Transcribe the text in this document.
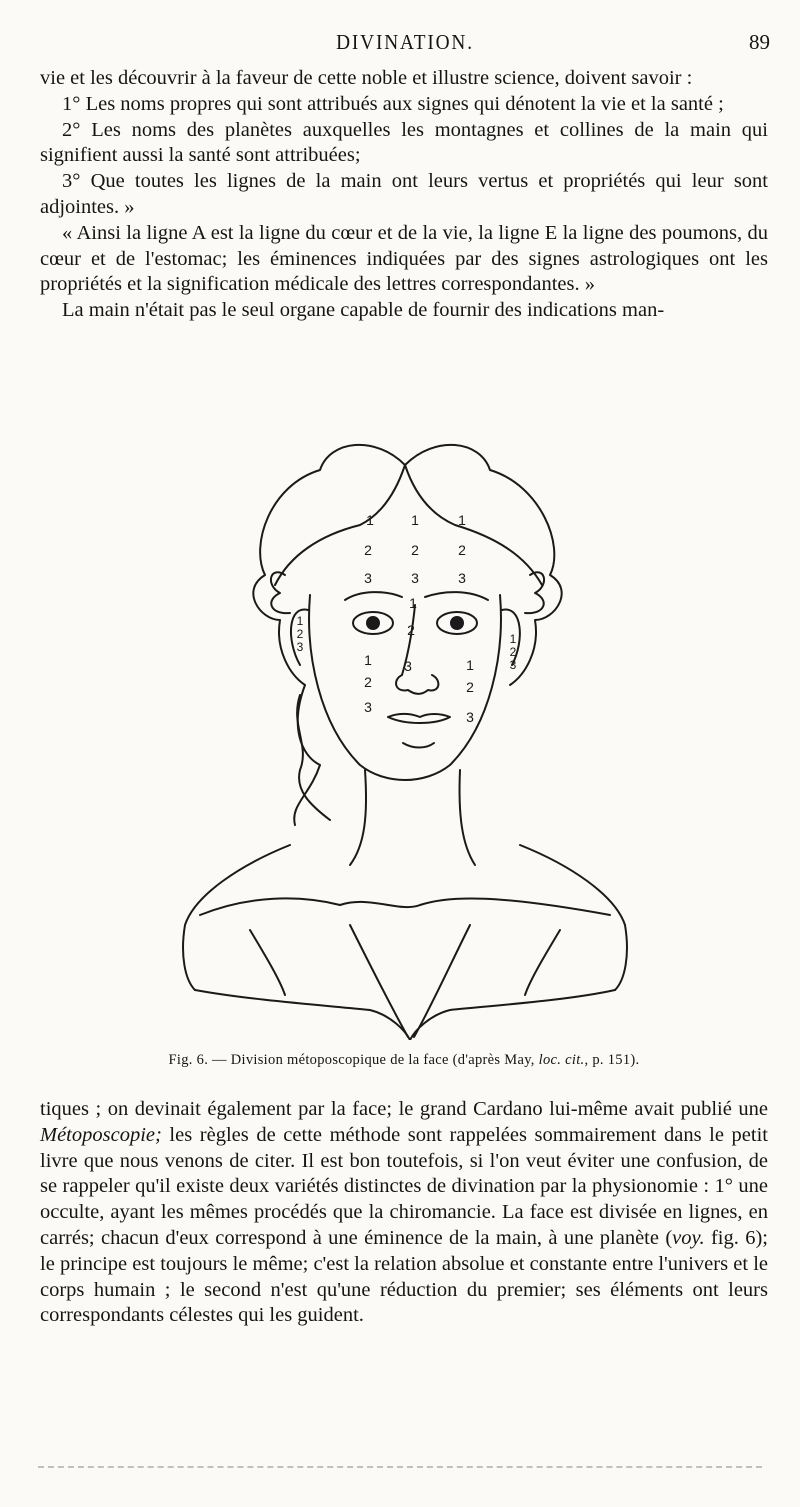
DIVINATION.	89

vie et les découvrir à la faveur de cette noble et illustre science, doivent savoir :

1° Les noms propres qui sont attribués aux signes qui dénotent la vie et la santé ;

2° Les noms des planètes auxquelles les montagnes et collines de la main qui signifient aussi la santé sont attribuées;

3° Que toutes les lignes de la main ont leurs vertus et propriétés qui leur sont adjointes. »

« Ainsi la ligne A est la ligne du cœur et de la vie, la ligne E la ligne des poumons, du cœur et de l'estomac; les éminences indiquées par des signes astrologiques ont les propriétés et la signification médicale des lettres correspondantes. »

La main n'était pas le seul organe capable de fournir des indications man-

1	1	1
2	2	2
3	3	3
1
2
3
1
2
3
1
2
3
1
2
3
1
2
3
Fig. 6. — Division métoposcopique de la face (d'après May, loc. cit., p. 151).

tiques ; on devinait également par la face; le grand Cardano lui-même avait publié une Métoposcopie; les règles de cette méthode sont rappelées sommairement dans le petit livre que nous venons de citer. Il est bon toutefois, si l'on veut éviter une confusion, de se rappeler qu'il existe deux variétés distinctes de divination par la physionomie : 1° une occulte, ayant les mêmes procédés que la chiromancie. La face est divisée en lignes, en carrés; chacun d'eux correspond à une éminence de la main, à une planète (voy. fig. 6); le principe est toujours le même; c'est la relation absolue et constante entre l'univers et le corps humain ; le second n'est qu'une réduction du premier; ses éléments ont leurs correspondants célestes qui les guident.
